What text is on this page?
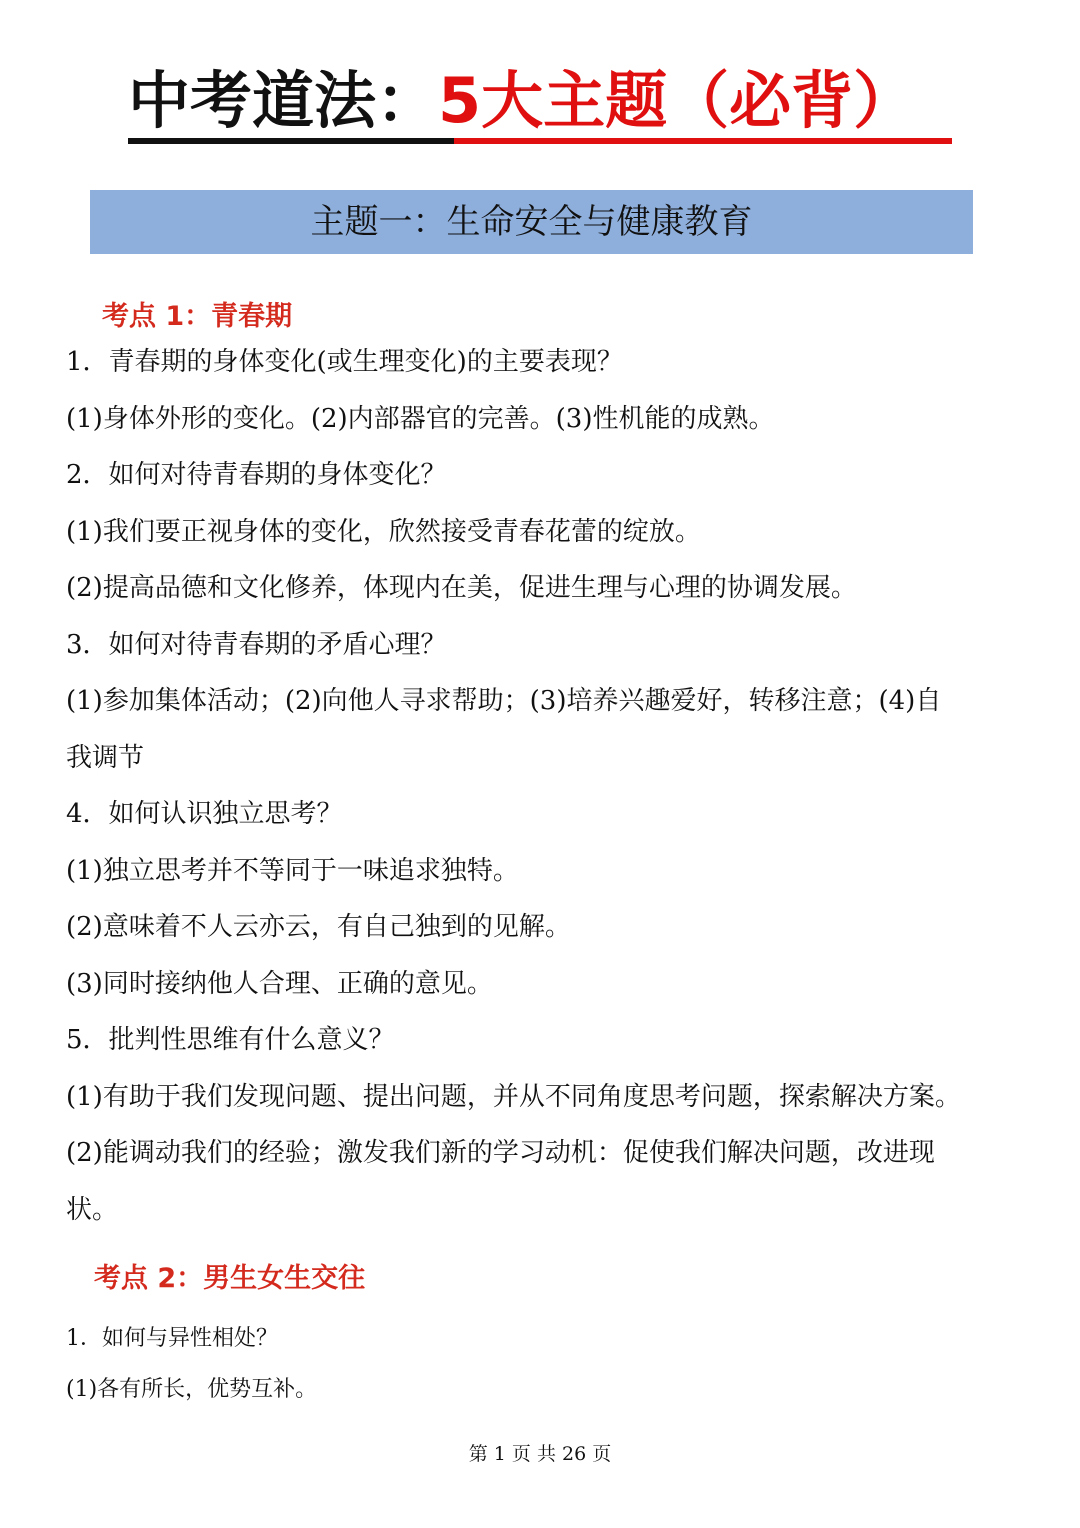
中考道法：5大主题（必背）
主题一：生命安全与健康教育
考点 1：青春期
1．青春期的身体变化(或生理变化)的主要表现？
(1)身体外形的变化。(2)内部器官的完善。(3)性机能的成熟。
2．如何对待青春期的身体变化？
(1)我们要正视身体的变化，欣然接受青春花蕾的绽放。
(2)提高品德和文化修养，体现内在美，促进生理与心理的协调发展。
3．如何对待青春期的矛盾心理？
(1)参加集体活动；(2)向他人寻求帮助；(3)培养兴趣爱好，转移注意；(4)自
我调节
4．如何认识独立思考？
(1)独立思考并不等同于一味追求独特。
(2)意味着不人云亦云，有自己独到的见解。
(3)同时接纳他人合理、正确的意见。
5．批判性思维有什么意义？
(1)有助于我们发现问题、提出问题，并从不同角度思考问题，探索解决方案。
(2)能调动我们的经验；激发我们新的学习动机：促使我们解决问题，改进现
状。
考点 2：男生女生交往
1．如何与异性相处？
(1)各有所长，优势互补。
第 1 页 共 26 页
